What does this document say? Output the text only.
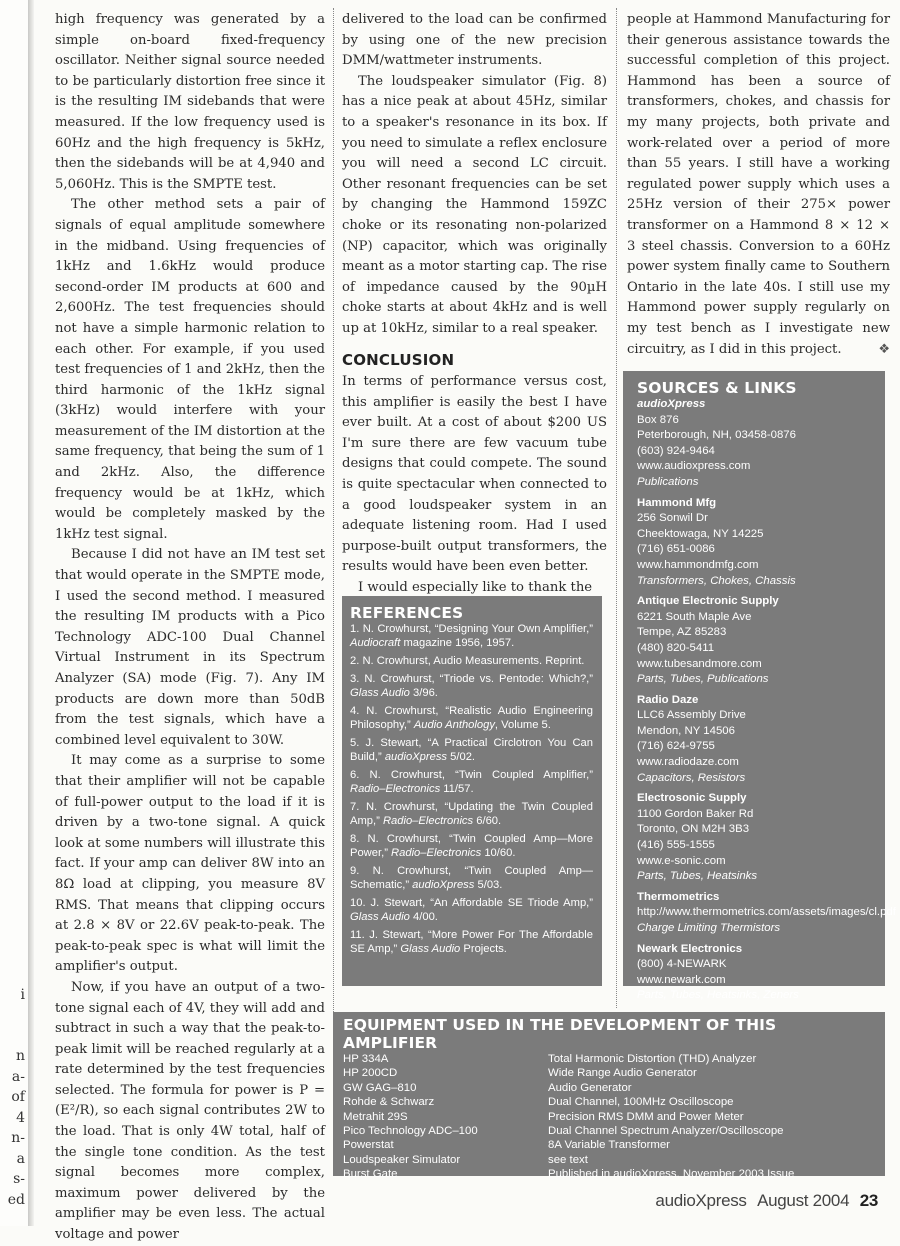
i
n
a-
of
4
n-
a
s-
ed

high frequency was generated by a simple on-board fixed-frequency oscillator. Neither signal source needed to be particularly distortion free since it is the resulting IM sidebands that were measured. If the low frequency used is 60Hz and the high frequency is 5kHz, then the sidebands will be at 4,940 and 5,060Hz. This is the SMPTE test.

The other method sets a pair of signals of equal amplitude somewhere in the midband. Using frequencies of 1kHz and 1.6kHz would produce second-order IM products at 600 and 2,600Hz. The test frequencies should not have a simple harmonic relation to each other. For example, if you used test frequencies of 1 and 2kHz, then the third harmonic of the 1kHz signal (3kHz) would interfere with your measurement of the IM distortion at the same frequency, that being the sum of 1 and 2kHz. Also, the difference frequency would be at 1kHz, which would be completely masked by the 1kHz test signal.

Because I did not have an IM test set that would operate in the SMPTE mode, I used the second method. I measured the resulting IM products with a Pico Technology ADC-100 Dual Channel Virtual Instrument in its Spectrum Analyzer (SA) mode (Fig. 7). Any IM products are down more than 50dB from the test signals, which have a combined level equivalent to 30W.

It may come as a surprise to some that their amplifier will not be capable of full-power output to the load if it is driven by a two-tone signal. A quick look at some numbers will illustrate this fact. If your amp can deliver 8W into an 8Ω load at clipping, you measure 8V RMS. That means that clipping occurs at 2.8 × 8V or 22.6V peak-to-peak. The peak-to-peak spec is what will limit the amplifier's output.

Now, if you have an output of a two-tone signal each of 4V, they will add and subtract in such a way that the peak-to-peak limit will be reached regularly at a rate determined by the test frequencies selected. The formula for power is P = (E²/R), so each signal contributes 2W to the load. That is only 4W total, half of the single tone condition. As the test signal becomes more complex, maximum power delivered by the amplifier may be even less. The actual voltage and power

delivered to the load can be confirmed by using one of the new precision DMM/wattmeter instruments.

The loudspeaker simulator (Fig. 8) has a nice peak at about 45Hz, similar to a speaker's resonance in its box. If you need to simulate a reflex enclosure you will need a second LC circuit. Other resonant frequencies can be set by changing the Hammond 159ZC choke or its resonating non-polarized (NP) capacitor, which was originally meant as a motor starting cap. The rise of impedance caused by the 90µH choke starts at about 4kHz and is well up at 10kHz, similar to a real speaker.

CONCLUSION

In terms of performance versus cost, this amplifier is easily the best I have ever built. At a cost of about $200 US I'm sure there are few vacuum tube designs that could compete. The sound is quite spectacular when connected to a good loudspeaker system in an adequate listening room. Had I used purpose-built output transformers, the results would have been even better.

I would especially like to thank the

people at Hammond Manufacturing for their generous assistance towards the successful completion of this project. Hammond has been a source of transformers, chokes, and chassis for my many projects, both private and work-related over a period of more than 55 years. I still have a working regulated power supply which uses a 25Hz version of their 275× power transformer on a Hammond 8 × 12 × 3 steel chassis. Conversion to a 60Hz power system finally came to Southern Ontario in the late 40s. I still use my Hammond power supply regularly on my test bench as I investigate new circuitry, as I did in this project.	❖

REFERENCES
1. N. Crowhurst, “Designing Your Own Amplifier,” Audiocraft magazine 1956, 1957.
2. N. Crowhurst, Audio Measurements. Reprint.
3. N. Crowhurst, “Triode vs. Pentode: Which?,” Glass Audio 3/96.
4. N. Crowhurst, “Realistic Audio Engineering Philosophy,” Audio Anthology, Volume 5.
5. J. Stewart, “A Practical Circlotron You Can Build,” audioXpress 5/02.
6. N. Crowhurst, “Twin Coupled Amplifier,” Radio–Electronics 11/57.
7. N. Crowhurst, “Updating the Twin Coupled Amp,” Radio–Electronics 6/60.
8. N. Crowhurst, “Twin Coupled Amp—More Power,” Radio–Electronics 10/60.
9. N. Crowhurst, “Twin Coupled Amp—Schematic,” audioXpress 5/03.
10. J. Stewart, “An Affordable SE Triode Amp,” Glass Audio 4/00.
11. J. Stewart, “More Power For The Affordable SE Amp,” Glass Audio Projects.
SOURCES & LINKS
audioXpress
Box 876
Peterborough, NH, 03458-0876
(603) 924-9464
www.audioxpress.com
Publications
Hammond Mfg
256 Sonwil Dr
Cheektowaga, NY 14225
(716) 651-0086
www.hammondmfg.com
Transformers, Chokes, Chassis
Antique Electronic Supply
6221 South Maple Ave
Tempe, AZ 85283
(480) 820-5411
www.tubesandmore.com
Parts, Tubes, Publications
Radio Daze
LLC6 Assembly Drive
Mendon, NY 14506
(716) 624-9755
www.radiodaze.com
Capacitors, Resistors
Electrosonic Supply
1100 Gordon Baker Rd
Toronto, ON M2H 3B3
(416) 555-1555
www.e-sonic.com
Parts, Tubes, Heatsinks
Thermometrics
http://www.thermometrics.com/assets/images/cl.pdf
Charge Limiting Thermistors
Newark Electronics
(800) 4-NEWARK
www.newark.com
Parts, Tubes, Heatsinks, Zeners
EQUIPMENT USED IN THE DEVELOPMENT OF THIS AMPLIFIER
HP 334A	Total Harmonic Distortion (THD) Analyzer
HP 200CD	Wide Range Audio Generator
GW GAG–810	Audio Generator
Rohde & Schwarz	Dual Channel, 100MHz Oscilloscope
Metrahit 29S	Precision RMS DMM and Power Meter
Pico Technology ADC–100	Dual Channel Spectrum Analyzer/Oscilloscope
Powerstat	8A Variable Transformer
Loudspeaker Simulator	see text
Burst Gate	Published in audioXpress, November 2003 Issue
audioXpress August 2004 23
